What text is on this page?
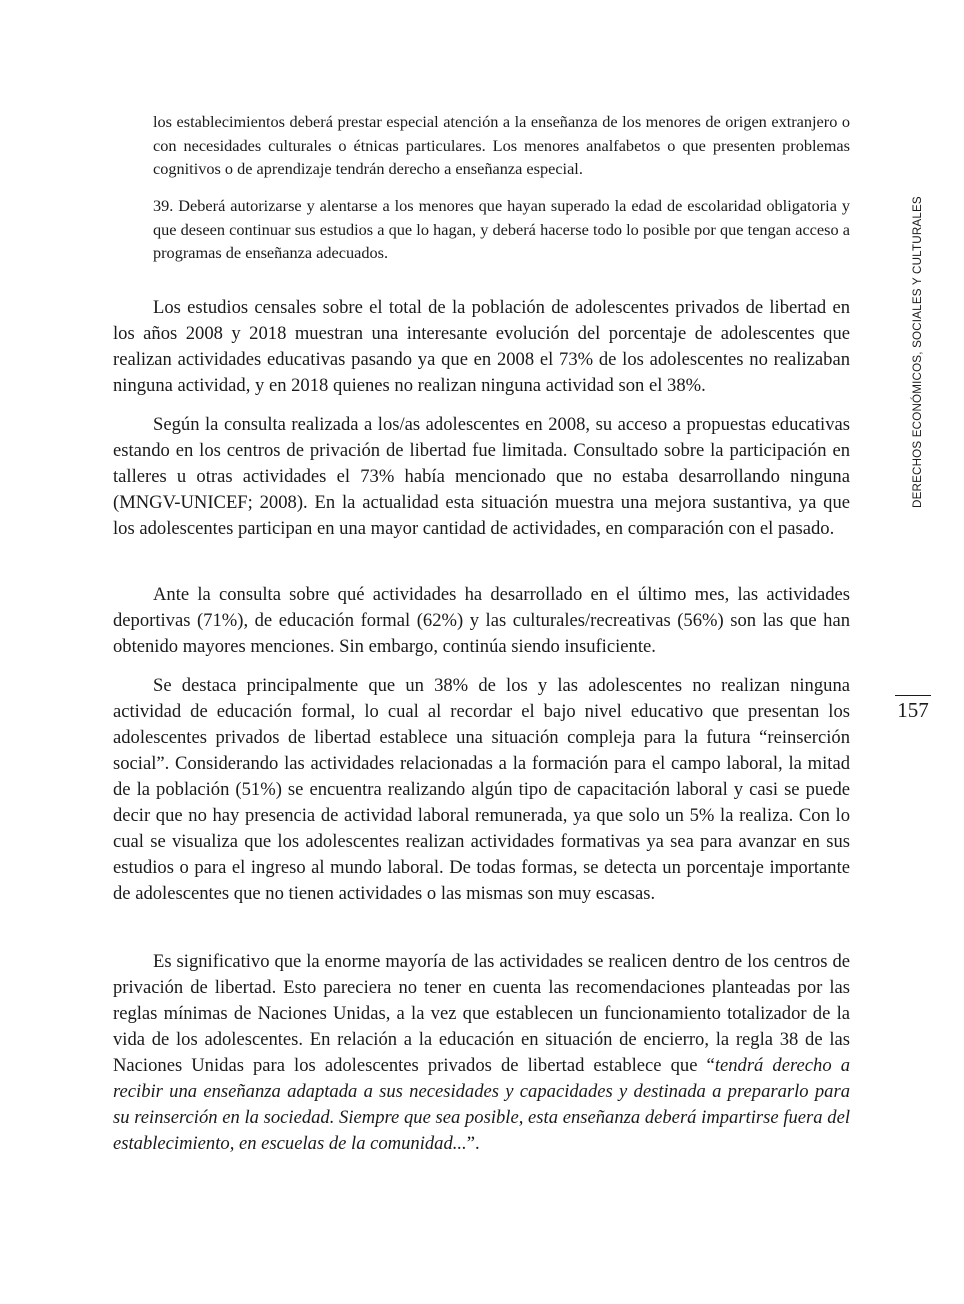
los establecimientos deberá prestar especial atención a la enseñanza de los menores de origen extranjero o con necesidades culturales o étnicas particulares. Los menores analfabetos o que presenten problemas cognitivos o de aprendizaje tendrán derecho a enseñanza especial.

39. Deberá autorizarse y alentarse a los menores que hayan superado la edad de escolaridad obligatoria y que deseen continuar sus estudios a que lo hagan, y deberá hacerse todo lo posible por que tengan acceso a programas de enseñanza adecuados.

Los estudios censales sobre el total de la población de adolescentes privados de libertad en los años 2008 y 2018 muestran una interesante evolución del porcentaje de adolescentes que realizan actividades educativas pasando ya que en 2008 el 73% de los adolescentes no realizaban ninguna actividad, y en 2018 quienes no realizan ninguna actividad son el 38%.

Según la consulta realizada a los/as adolescentes en 2008, su acceso a propuestas educativas estando en los centros de privación de libertad fue limitada. Consultado sobre la participación en talleres u otras actividades el 73% había mencionado que no estaba desarrollando ninguna (MNGV-UNICEF; 2008). En la actualidad esta situación muestra una mejora sustantiva, ya que los adolescentes participan en una mayor cantidad de actividades, en comparación con el pasado.

Ante la consulta sobre qué actividades ha desarrollado en el último mes, las actividades deportivas (71%), de educación formal (62%) y las culturales/recreativas (56%) son las que han obtenido mayores menciones. Sin embargo, continúa siendo insuficiente.

Se destaca principalmente que un 38% de los y las adolescentes no realizan ninguna actividad de educación formal, lo cual al recordar el bajo nivel educativo que presentan los adolescentes privados de libertad establece una situación compleja para la futura “reinserción social”. Considerando las actividades relacionadas a la formación para el campo laboral, la mitad de la población (51%) se encuentra realizando algún tipo de capacitación laboral y casi se puede decir que no hay presencia de actividad laboral remunerada, ya que solo un 5% la realiza. Con lo cual se visualiza que los adolescentes realizan actividades formativas ya sea para avanzar en sus estudios o para el ingreso al mundo laboral. De todas formas, se detecta un porcentaje importante de adolescentes que no tienen actividades o las mismas son muy escasas.

Es significativo que la enorme mayoría de las actividades se realicen dentro de los centros de privación de libertad. Esto pareciera no tener en cuenta las recomendaciones planteadas por las reglas mínimas de Naciones Unidas, a la vez que establecen un funcionamiento totalizador de la vida de los adolescentes. En relación a la educación en situación de encierro, la regla 38 de las Naciones Unidas para los adolescentes privados de libertad establece que “tendrá derecho a recibir una enseñanza adaptada a sus necesidades y capacidades y destinada a prepararlo para su reinserción en la sociedad. Siempre que sea posible, esta enseñanza deberá impartirse fuera del establecimiento, en escuelas de la comunidad...”.

DERECHOS ECONÓMICOS, SOCIALES Y CULTURALES
157
